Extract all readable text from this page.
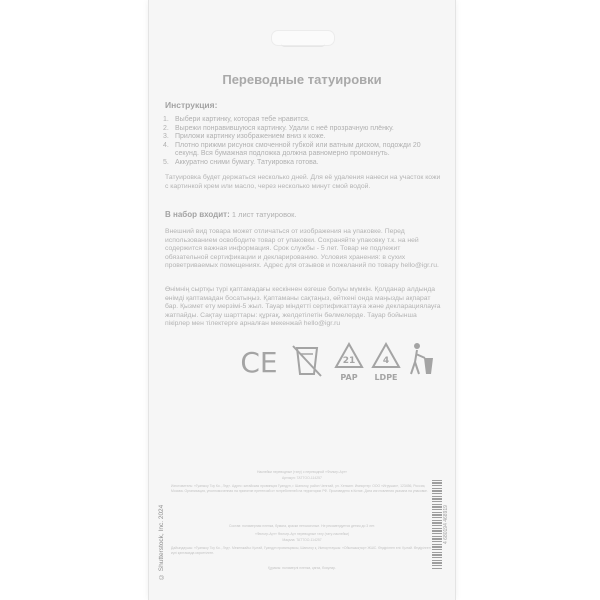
Переводные татуировки
Инструкция:
1. Выбери картинку, которая тебе нравится.
2. Вырежи понравившуюся картинку. Удали с неё прозрачную плёнку.
3. Приложи картинку изображением вниз к коже.
4. Плотно прижми рисунок смоченной губкой или ватным диском, подожди 20 секунд. Вся бумажная подложка должна равномерно промокнуть.
5. Аккуратно сними бумагу. Татуировка готова.
Татуировка будет держаться несколько дней. Для её удаления нанеси на участок кожи с картинкой крем или масло, через несколько минут смой водой.
В набор входит: 1 лист татуировок.
Внешний вид товара может отличаться от изображения на упаковке. Перед использованием освободите товар от упаковки. Сохраняйте упаковку т.к. на ней содержится важная информация. Срок службы - 5 лет. Товар не подлежит обязательной сертификации и декларированию. Условия хранения: в сухих проветриваемых помещениях. Адрес для отзывов и пожеланий по товару hello@igr.ru.
Өнімнің сыртқы түрі қаптамадағы кескіннен өзгеше болуы мүмкін. Қолданар алдында өнімді қаптамадан босатыңыз. Қаптаманы сақтаңыз, өйткені онда маңызды ақпарат бар. Қызмет ету мерзімі-5 жыл. Тауар міндетті сертификаттауға және декларациялауға жатпайды. Сақтау шарттары: құрғақ, желдетілетін бөлмелерде. Тауар бойынша пікірлер мен тілектерге арналған мекенжай hello@igr.ru
CE	21
PAP
4
LDPE
Наклейки переводные (тату) с переводной «Фильтр-Арт»
Артикул: TATTOO-114257
Изготовитель: «Гуанжоу Тоу Ко., Лтд». Адрес: китайская провинция Гуандун, г. Шаньтоу, район Ченгхай, ул. Хеньинг. Импортер: ООО «Игрушки», 123456, Россия, Москва. Организация, уполномоченная на принятие претензий от потребителей на территории РФ. Произведено в Китае. Дата изготовления указана на упаковке.
Состав: полимерная пленка, бумага, краски нетоксичные. Не рекомендуется детям до 3 лет.
«Фильтр-Арт» Фильтр-Арт переводные тату (тату-наклейки)
Мақала: TATTOO-114257
Дайындаушы: «Гуанжоу Тоу Ко., Лтд». Мекенжайы: Қытай, Гуандун провинциясы, Шаньтоу қ. Импорттаушы: «Ойыншықтар» ЖШС. Өндірілген елі: Қытай. Өндірілген күні қаптамада көрсетілген.
Құрамы: полимерлі пленка, қағаз, бояулар.
4 680194 468919
© Shutterstock, Inc. 2024
